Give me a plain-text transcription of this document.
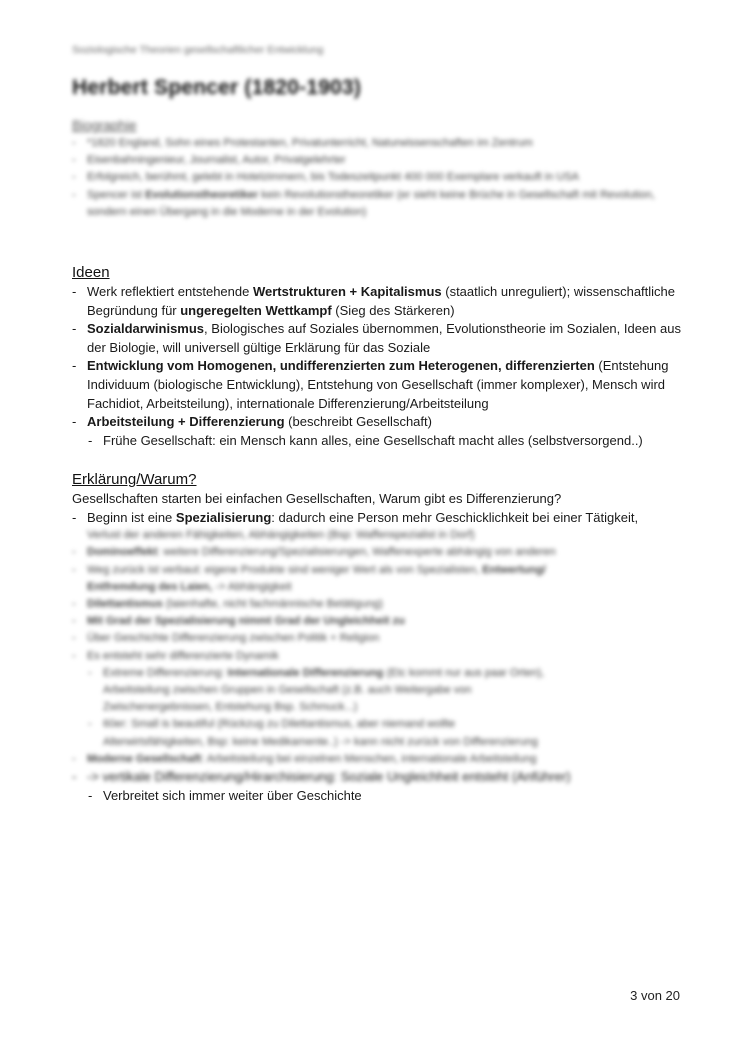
Soziologische Theorien gesellschaftlicher Entwicklung
Herbert Spencer (1820-1903)
Biographie
- *1820 England, Sohn eines Protestanten, Privatunterricht, Naturwissenschaften im Zentrum
- Eisenbahningenieur, Journalist, Autor, Privatgelehrter
- Erfolgreich, berühmt, gelebt in Hotelzimmern, bis Todeszeitpunkt 400 000 Exemplare verkauft in USA
- Spencer ist Evolutionstheoretiker kein Revolutionstheoretiker (er sieht keine Brüche in Gesellschaft mit Revolution, sondern einen Übergang in die Moderne in der Evolution)
Ideen
- Werk reflektiert entstehende Wertstrukturen + Kapitalismus (staatlich unreguliert); wissenschaftliche Begründung für ungeregelten Wettkampf (Sieg des Stärkeren)
- Sozialdarwinismus, Biologisches auf Soziales übernommen, Evolutionstheorie im Sozialen, Ideen aus der Biologie, will universell gültige Erklärung für das Soziale
- Entwicklung vom Homogenen, undifferenzierten zum Heterogenen, differenzierten (Entstehung Individuum (biologische Entwicklung), Entstehung von Gesellschaft (immer komplexer), Mensch wird Fachidiot, Arbeitsteilung), internationale Differenzierung/Arbeitsteilung
- Arbeitsteilung + Differenzierung (beschreibt Gesellschaft)
- Frühe Gesellschaft: ein Mensch kann alles, eine Gesellschaft macht alles (selbstversorgend..)
Erklärung/Warum?
Gesellschaften starten bei einfachen Gesellschaften, Warum gibt es Differenzierung?
- Beginn ist eine Spezialisierung: dadurch eine Person mehr Geschicklichkeit bei einer Tätigkeit,
Verlust der anderen Fähigkeiten, Abhängigkeiten (Bsp: Waffenspezialist in Dorf)
- Dominoeffekt: weitere Differenzierung/Spezialisierungen, Waffenexperte abhängig von anderen
- Weg zurück ist verbaut: eigene Produkte sind weniger Wert als von Spezialisten, Entwertung/
Entfremdung des Laien, -> Abhängigkeit
- Dilettantismus (laienhafte, nicht fachmännische Betätigung)
- Mit Grad der Spezialisierung nimmt Grad der Ungleichheit zu
- Über Geschichte Differenzierung zwischen Politik + Religion
- Es entsteht sehr differenzierte Dynamik
- Extreme Differenzierung: Internationale Differenzierung (Etc kommt nur aus paar Orten),
Arbeitsteilung zwischen Gruppen in Gesellschaft (z.B. auch Weitergabe von
Zwischenergebnissen, Entstehung Bsp. Schmuck...)
- 60er: Small is beautiful (Rückzug zu Dilettantismus, aber niemand wollte
Alterwirtsfähigkeiten, Bsp: keine Medikamente..) -> kann nicht zurück von Differenzierung
- Moderne Gesellschaft: Arbeitsteilung bei einzelnen Menschen, internationale Arbeitsteilung
- -> vertikale Differenzierung/Hirarchisierung: Soziale Ungleichheit entsteht (Anführer)
- Verbreitet sich immer weiter über Geschichte
3 von 20
